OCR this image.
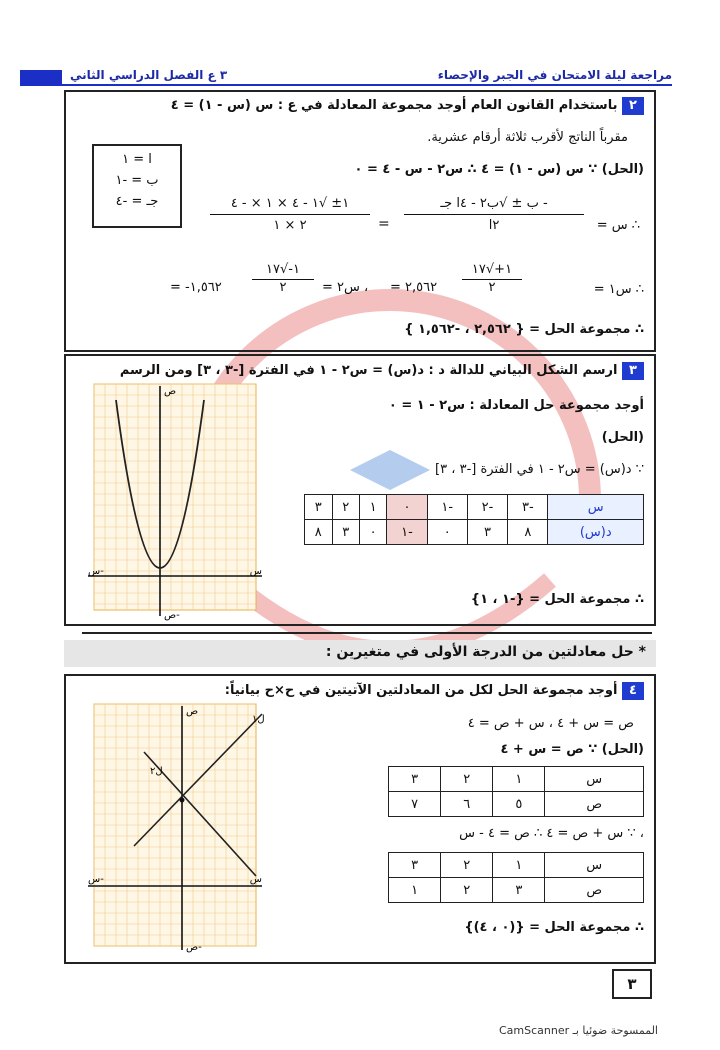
مراجعة ليلة الامتحان في الجبر والإحصاء
٣ ع الفصل الدراسي الثاني
٢ باستخدام القانون العام أوجد مجموعة المعادلة في ع : س (س - ١) = ٤
مقرباً الناتج لأقرب ثلاثة أرقام عشرية.
ا = ١
ب = -١
جـ = -٤
(الحل) ∵ س (س - ١) = ٤ ∴ س٢ - س - ٤ = ٠
∴ س =
- ب ± √ب٢ - ٤ا جـ
٢ا
=
١± √١ - ٤ × ١ × - ٤
٢ × ١
∴ س١ =
١+√١٧
٢
= ٢,٥٦٢
، س٢ =
١-√١٧
٢
= -١,٥٦٢
∴ مجموعة الحل = { ٢,٥٦٢ ، -١,٥٦٢ }
٣ ارسم الشكل البياني للدالة د : د(س) = س٢ - ١ في الفترة [-٣ ، ٣] ومن الرسم
أوجد مجموعة حل المعادلة : س٢ - ١ = ٠
(الحل)
∵ د(س) = س٢ - ١ في الفترة [-٣ ، ٣]
س	-٣	-٢	-١	٠	١	٢	٣
د(س)	٨	٣	٠	-١	٠	٣	٨
∴ مجموعة الحل = {-١ ، ١}
س
س-
ص
ص-
* حل معادلتين من الدرجة الأولى في متغيرين :
٤ أوجد مجموعة الحل لكل من المعادلتين الآتيتين في ح×ح بيانياً:
ص = س + ٤ ، س + ص = ٤
(الحل) ∵ ص = س + ٤
س	١	٢	٣
ص	٥	٦	٧
، ∵ س + ص = ٤ ∴ ص = ٤ - س
س	١	٢	٣
ص	٣	٢	١
∴ مجموعة الحل = {(٠ ، ٤)}
ل١
ل٢
س
س-
ص
ص-
٣
الممسوحة ضوئيا بـ CamScanner
